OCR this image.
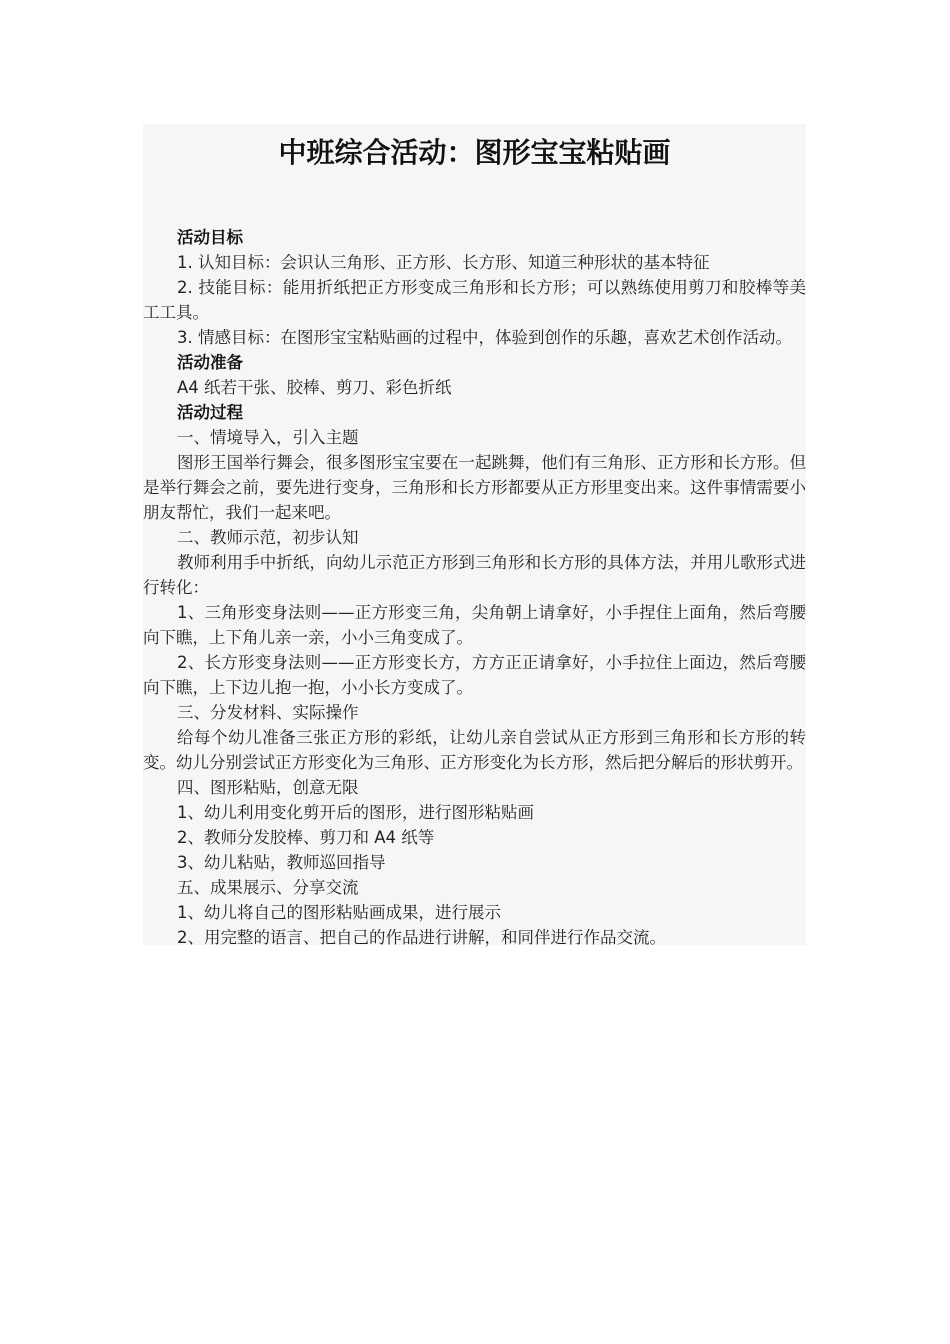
中班综合活动：图形宝宝粘贴画

活动目标

1. 认知目标：会识认三角形、正方形、长方形、知道三种形状的基本特征

2. 技能目标：能用折纸把正方形变成三角形和长方形；可以熟练使用剪刀和胶棒等美工工具。

3. 情感目标：在图形宝宝粘贴画的过程中，体验到创作的乐趣，喜欢艺术创作活动。

活动准备

A4 纸若干张、胶棒、剪刀、彩色折纸

活动过程

一、情境导入，引入主题

图形王国举行舞会，很多图形宝宝要在一起跳舞，他们有三角形、正方形和长方形。但是举行舞会之前，要先进行变身，三角形和长方形都要从正方形里变出来。这件事情需要小朋友帮忙，我们一起来吧。

二、教师示范，初步认知

教师利用手中折纸，向幼儿示范正方形到三角形和长方形的具体方法，并用儿歌形式进行转化：

1、三角形变身法则——正方形变三角，尖角朝上请拿好，小手捏住上面角，然后弯腰向下瞧，上下角儿亲一亲，小小三角变成了。

2、长方形变身法则——正方形变长方，方方正正请拿好，小手拉住上面边，然后弯腰向下瞧，上下边儿抱一抱，小小长方变成了。

三、分发材料、实际操作

给每个幼儿准备三张正方形的彩纸，让幼儿亲自尝试从正方形到三角形和长方形的转变。幼儿分别尝试正方形变化为三角形、正方形变化为长方形，然后把分解后的形状剪开。

四、图形粘贴，创意无限

1、幼儿利用变化剪开后的图形，进行图形粘贴画

2、教师分发胶棒、剪刀和 A4 纸等

3、幼儿粘贴，教师巡回指导

五、成果展示、分享交流

1、幼儿将自己的图形粘贴画成果，进行展示

2、用完整的语言、把自己的作品进行讲解，和同伴进行作品交流。
